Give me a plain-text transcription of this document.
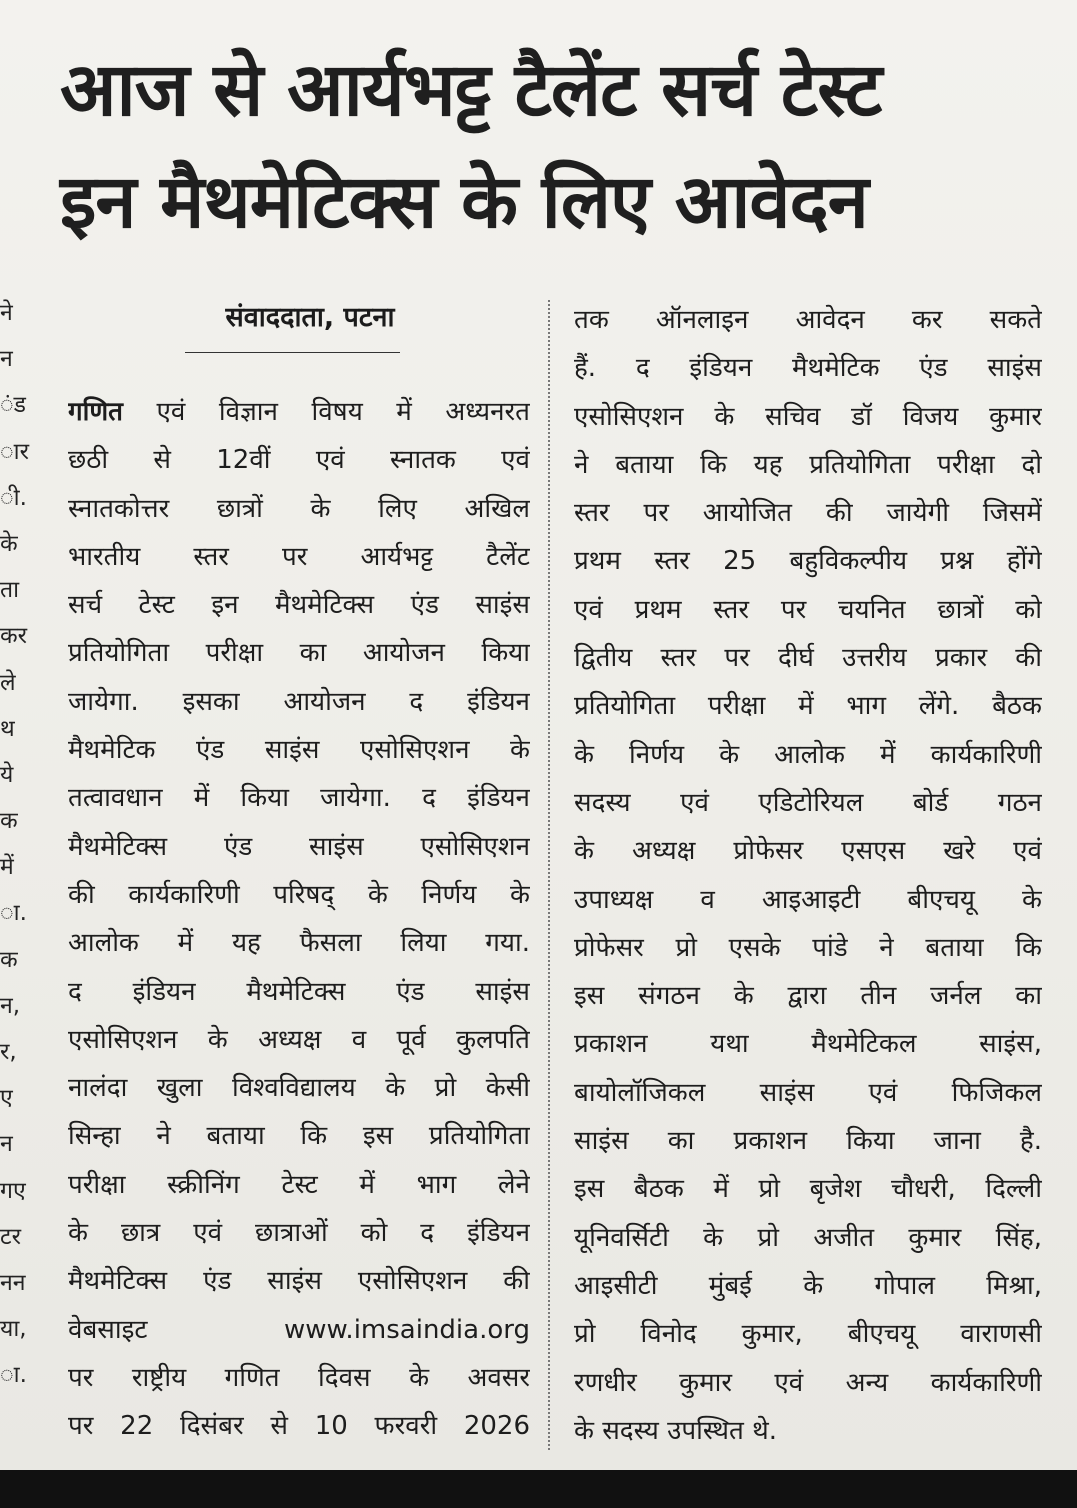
आज से आर्यभट्ट टैलेंट सर्च टेस्ट
इन मैथमेटिक्स के लिए आवेदन
ने
न
ंड
ार
ी.
के
ता
कर
ले
थ
ये
क
में
ा.
क
न,
र,
ए
न
गए
टर
नन
या,
ा.
संवाददाता, पटना
गणित एवं विज्ञान विषय में अध्यनरत
छठी से 12वीं एवं स्नातक एवं
स्नातकोत्तर छात्रों के लिए अखिल
भारतीय स्तर पर आर्यभट्ट टैलेंट
सर्च टेस्ट इन मैथमेटिक्स एंड साइंस
प्रतियोगिता परीक्षा का आयोजन किया
जायेगा. इसका आयोजन द इंडियन
मैथमेटिक एंड साइंस एसोसिएशन के
तत्वावधान में किया जायेगा. द इंडियन
मैथमेटिक्स एंड साइंस एसोसिएशन
की कार्यकारिणी परिषद् के निर्णय के
आलोक में यह फैसला लिया गया.
द इंडियन मैथमेटिक्स एंड साइंस
एसोसिएशन के अध्यक्ष व पूर्व कुलपति
नालंदा खुला विश्वविद्यालय के प्रो केसी
सिन्हा ने बताया कि इस प्रतियोगिता
परीक्षा स्क्रीनिंग टेस्ट में भाग लेने
के छात्र एवं छात्राओं को द इंडियन
मैथमेटिक्स एंड साइंस एसोसिएशन की
वेबसाइट www.imsaindia.org
पर राष्ट्रीय गणित दिवस के अवसर
पर 22 दिसंबर से 10 फरवरी 2026
तक ऑनलाइन आवेदन कर सकते
हैं. द इंडियन मैथमेटिक एंड साइंस
एसोसिएशन के सचिव डॉ विजय कुमार
ने बताया कि यह प्रतियोगिता परीक्षा दो
स्तर पर आयोजित की जायेगी जिसमें
प्रथम स्तर 25 बहुविकल्पीय प्रश्न होंगे
एवं प्रथम स्तर पर चयनित छात्रों को
द्वितीय स्तर पर दीर्घ उत्तरीय प्रकार की
प्रतियोगिता परीक्षा में भाग लेंगे. बैठक
के निर्णय के आलोक में कार्यकारिणी
सदस्य एवं एडिटोरियल बोर्ड गठन
के अध्यक्ष प्रोफेसर एसएस खरे एवं
उपाध्यक्ष व आइआइटी बीएचयू के
प्रोफेसर प्रो एसके पांडे ने बताया कि
इस संगठन के द्वारा तीन जर्नल का
प्रकाशन यथा मैथमेटिकल साइंस,
बायोलॉजिकल साइंस एवं फिजिकल
साइंस का प्रकाशन किया जाना है.
इस बैठक में प्रो बृजेश चौधरी, दिल्ली
यूनिवर्सिटी के प्रो अजीत कुमार सिंह,
आइसीटी मुंबई के गोपाल मिश्रा,
प्रो विनोद कुमार, बीएचयू वाराणसी
रणधीर कुमार एवं अन्य कार्यकारिणी
के सदस्य उपस्थित थे.
